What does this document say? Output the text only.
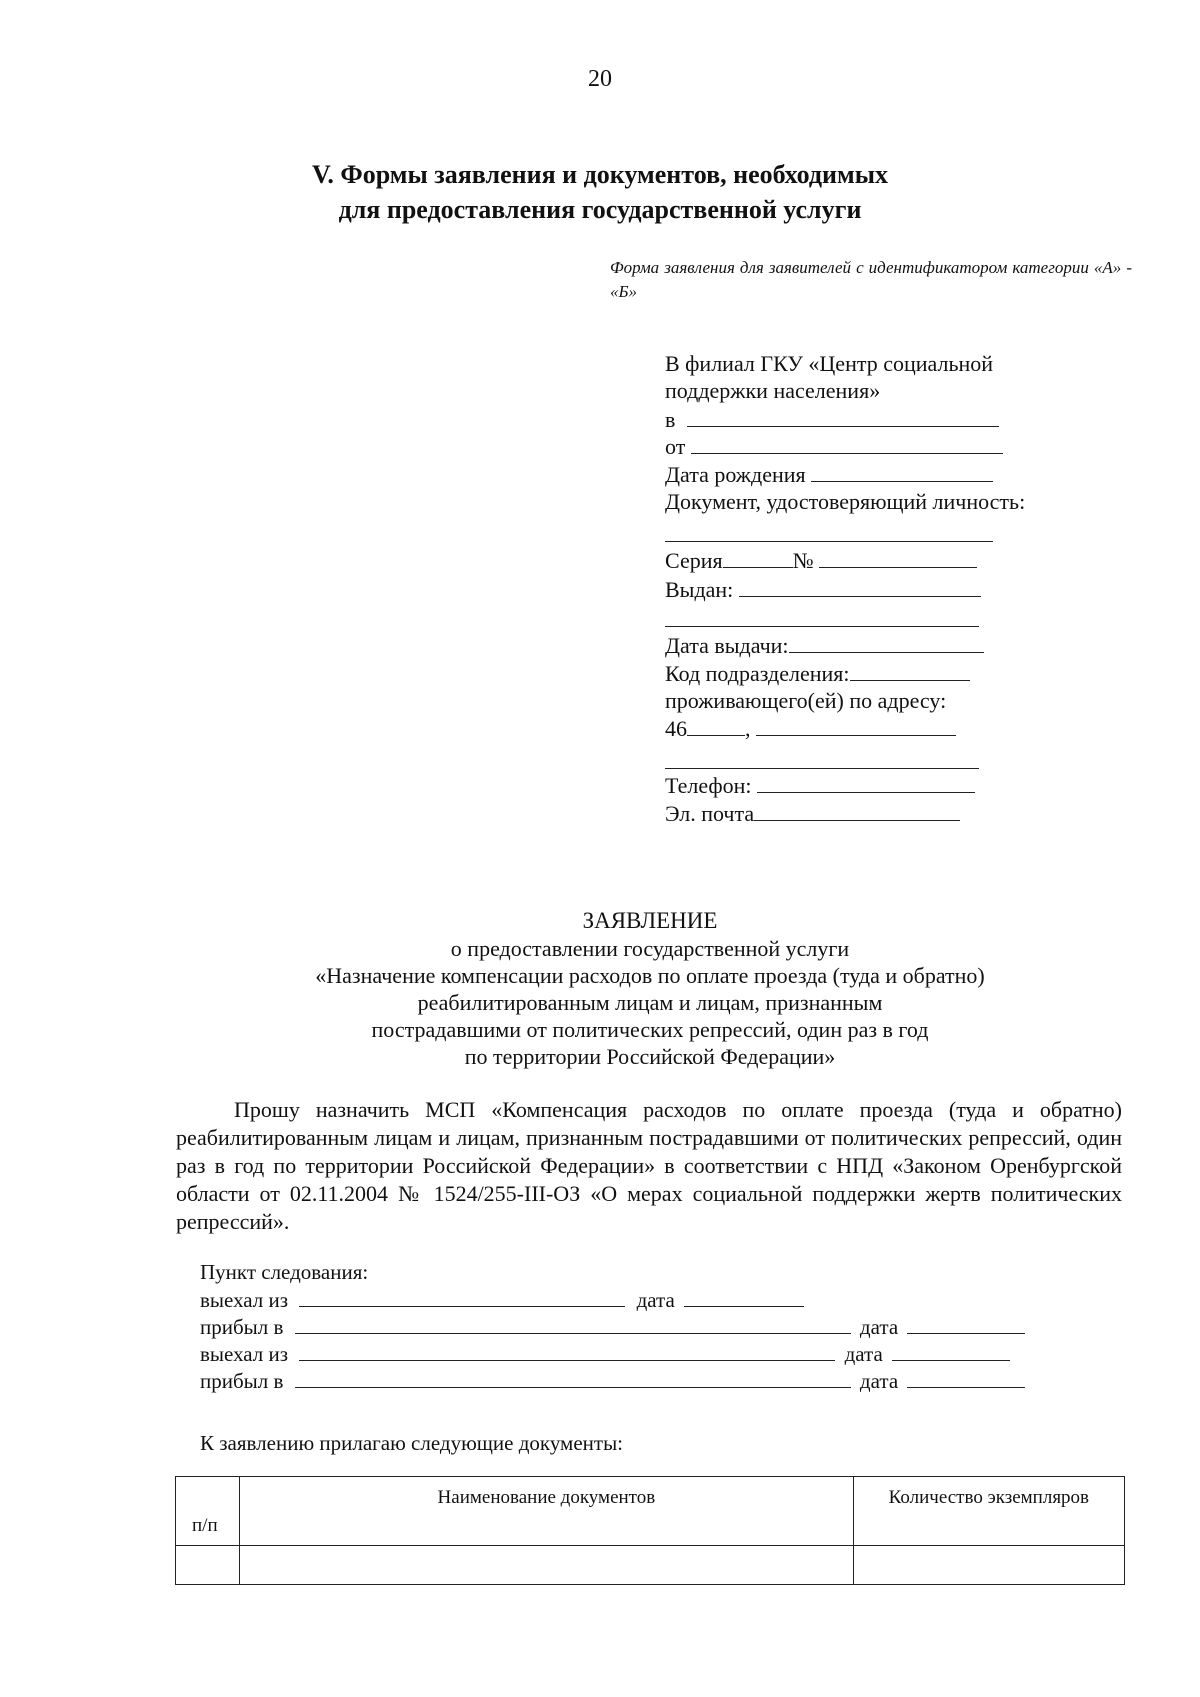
20
V. Формы заявления и документов, необходимых
для предоставления государственной услуги
Форма заявления для заявителей с идентификатором категории «А» - «Б»
В филиал ГКУ «Центр социальной
поддержки населения»
в
от
Дата рождения
Документ, удостоверяющий личность:
Серия	№
Выдан:
Дата выдачи:
Код подразделения:
проживающего(ей) по адресу:
46	,
Телефон:
Эл. почта
ЗАЯВЛЕНИЕ
о предоставлении государственной услуги
«Назначение компенсации расходов по оплате проезда (туда и обратно)
реабилитированным лицам и лицам, признанным
пострадавшими от политических репрессий, один раз в год
по территории Российской Федерации»
Прошу назначить МСП «Компенсация расходов по оплате проезда (туда и обратно) реабилитированным лицам и лицам, признанным пострадавшими от политических репрессий, один раз в год по территории Российской Федерации» в соответствии с НПД «Законом Оренбургской области от 02.11.2004 № 1524/255-III-ОЗ «О мерах социальной поддержки жертв политических репрессий».
Пункт следования:
выехал из	дата
прибыл в	дата
выехал из	дата
прибыл в	дата
К заявлению прилагаю следующие документы:
п/п	Наименование документов	Количество экземпляров
